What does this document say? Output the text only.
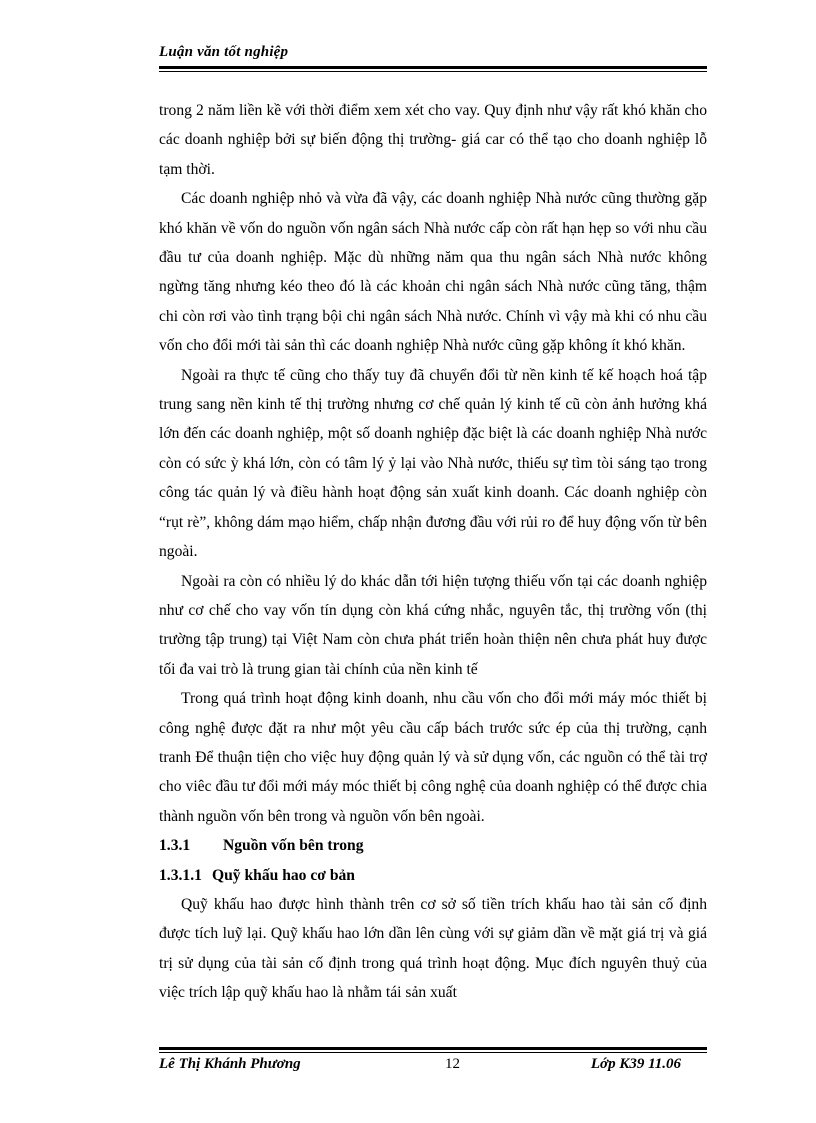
Luận văn tốt nghiệp

trong 2 năm liền kề với thời điểm xem xét cho vay. Quy định như vậy rất khó khăn cho các doanh nghiệp bởi sự biến động thị trường- giá car có thể tạo cho doanh nghiệp lỗ tạm thời.

Các doanh nghiệp nhỏ và vừa đã vậy, các doanh nghiệp Nhà nước cũng thường gặp khó khăn về vốn do nguồn vốn ngân sách Nhà nước cấp còn rất hạn hẹp so với nhu cầu đầu tư của doanh nghiệp. Mặc dù những năm qua thu ngân sách Nhà nước không ngừng tăng nhưng kéo theo đó là các khoản chi ngân sách Nhà nước cũng tăng, thậm chi còn rơi vào tình trạng bội chi ngân sách Nhà nước. Chính vì vậy mà khi có nhu cầu vốn cho đổi mới tài sản thì các doanh nghiệp Nhà nước cũng gặp không ít khó khăn.

Ngoài ra thực tế cũng cho thấy tuy đã chuyển đổi từ nền kinh tế kế hoạch hoá tập trung sang nền kinh tế thị trường nhưng cơ chế quản lý kinh tế cũ còn ảnh hưởng khá lớn đến các doanh nghiệp, một số doanh nghiệp đặc biệt là các doanh nghiệp Nhà nước còn có sức ỳ khá lớn, còn có tâm lý ỷ lại vào Nhà nước, thiếu sự tìm tòi sáng tạo trong công tác quản lý và điều hành hoạt động sản xuất kinh doanh. Các doanh nghiệp còn “rụt rè”, không dám mạo hiểm, chấp nhận đương đầu với rủi ro để huy động vốn từ bên ngoài.

Ngoài ra còn có nhiều lý do khác dẫn tới hiện tượng thiếu vốn tại các doanh nghiệp như cơ chế cho vay vốn tín dụng còn khá cứng nhắc, nguyên tắc, thị trường vốn (thị trường tập trung) tại Việt Nam còn chưa phát triển hoàn thiện nên chưa phát huy được tối đa vai trò là trung gian tài chính của nền kinh tế

Trong quá trình hoạt động kinh doanh, nhu cầu vốn cho đổi mới máy móc thiết bị công nghệ được đặt ra như một yêu cầu cấp bách trước sức ép của thị trường, cạnh tranh Để thuận tiện cho việc huy động quản lý và sử dụng vốn, các nguồn có thể tài trợ cho viêc đầu tư đổi mới máy móc thiết bị công nghệ của doanh nghiệp có thể được chia thành nguồn vốn bên trong và nguồn vốn bên ngoài.

1.3.1 Nguồn vốn bên trong

1.3.1.1 Quỹ khấu hao cơ bản

Quỹ khấu hao được hình thành trên cơ sở số tiền trích khấu hao tài sản cố định được tích luỹ lại. Quỹ khấu hao lớn dần lên cùng với sự giảm dần về mặt giá trị và giá trị sử dụng của tài sản cố định trong quá trình hoạt động. Mục đích nguyên thuỷ của việc trích lập quỹ khấu hao là nhằm tái sản xuất

Lê Thị Khánh Phương	12	Lớp K39 11.06
